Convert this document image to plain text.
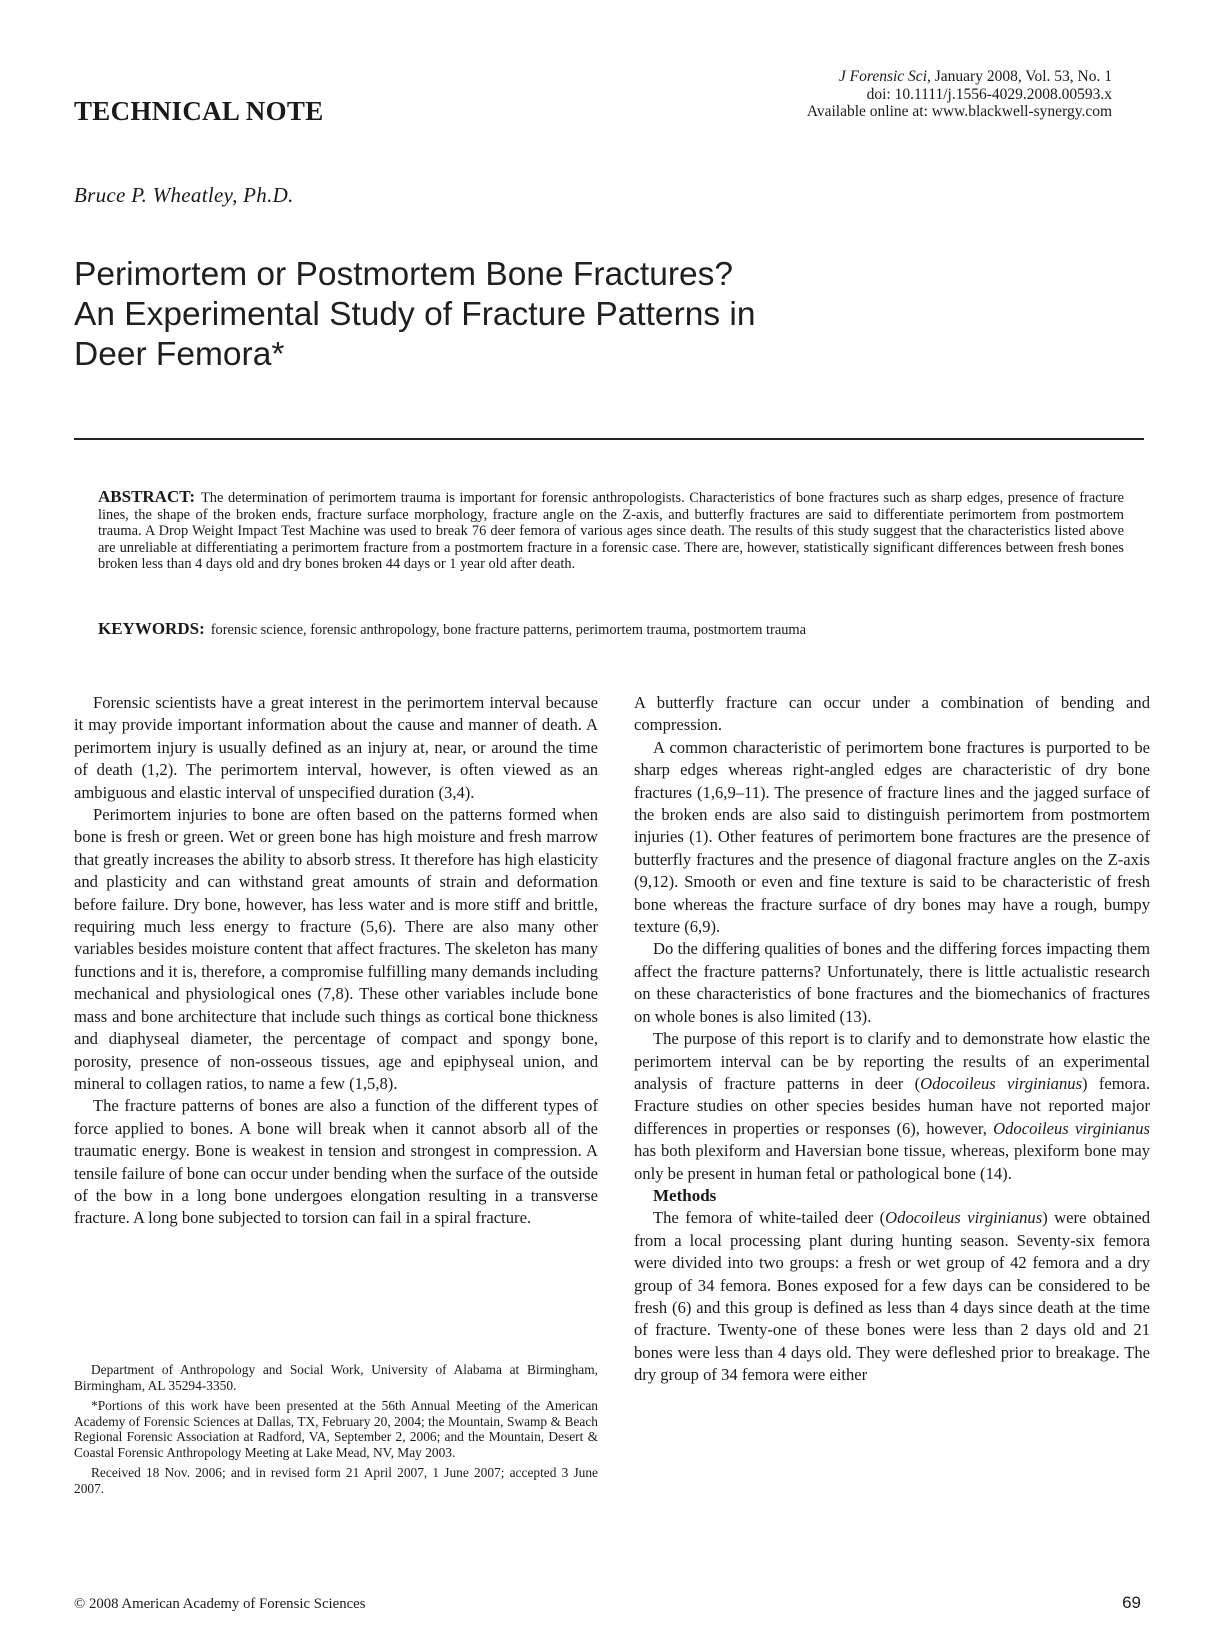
J Forensic Sci, January 2008, Vol. 53, No. 1
doi: 10.1111/j.1556-4029.2008.00593.x
Available online at: www.blackwell-synergy.com
TECHNICAL NOTE
Bruce P. Wheatley, Ph.D.
Perimortem or Postmortem Bone Fractures?
An Experimental Study of Fracture Patterns in
Deer Femora*
ABSTRACT: The determination of perimortem trauma is important for forensic anthropologists. Characteristics of bone fractures such as sharp edges, presence of fracture lines, the shape of the broken ends, fracture surface morphology, fracture angle on the Z-axis, and butterfly fractures are said to differentiate perimortem from postmortem trauma. A Drop Weight Impact Test Machine was used to break 76 deer femora of various ages since death. The results of this study suggest that the characteristics listed above are unreliable at differentiating a perimortem fracture from a postmortem fracture in a forensic case. There are, however, statistically significant differences between fresh bones broken less than 4 days old and dry bones broken 44 days or 1 year old after death.
KEYWORDS: forensic science, forensic anthropology, bone fracture patterns, perimortem trauma, postmortem trauma

Forensic scientists have a great interest in the perimortem interval because it may provide important information about the cause and manner of death. A perimortem injury is usually defined as an injury at, near, or around the time of death (1,2). The perimortem interval, however, is often viewed as an ambiguous and elastic interval of unspecified duration (3,4).

Perimortem injuries to bone are often based on the patterns formed when bone is fresh or green. Wet or green bone has high moisture and fresh marrow that greatly increases the ability to absorb stress. It therefore has high elasticity and plasticity and can withstand great amounts of strain and deformation before failure. Dry bone, however, has less water and is more stiff and brittle, requiring much less energy to fracture (5,6). There are also many other variables besides moisture content that affect fractures. The skeleton has many functions and it is, therefore, a compromise fulfilling many demands including mechanical and physiological ones (7,8). These other variables include bone mass and bone architecture that include such things as cortical bone thickness and diaphyseal diameter, the percentage of compact and spongy bone, porosity, presence of non-osseous tissues, age and epiphyseal union, and mineral to collagen ratios, to name a few (1,5,8).

The fracture patterns of bones are also a function of the different types of force applied to bones. A bone will break when it cannot absorb all of the traumatic energy. Bone is weakest in tension and strongest in compression. A tensile failure of bone can occur under bending when the surface of the outside of the bow in a long bone undergoes elongation resulting in a transverse fracture. A long bone subjected to torsion can fail in a spiral fracture.

Department of Anthropology and Social Work, University of Alabama at Birmingham, Birmingham, AL 35294-3350.

*Portions of this work have been presented at the 56th Annual Meeting of the American Academy of Forensic Sciences at Dallas, TX, February 20, 2004; the Mountain, Swamp & Beach Regional Forensic Association at Radford, VA, September 2, 2006; and the Mountain, Desert & Coastal Forensic Anthropology Meeting at Lake Mead, NV, May 2003.

Received 18 Nov. 2006; and in revised form 21 April 2007, 1 June 2007; accepted 3 June 2007.

A butterfly fracture can occur under a combination of bending and compression.

A common characteristic of perimortem bone fractures is purported to be sharp edges whereas right-angled edges are characteristic of dry bone fractures (1,6,9–11). The presence of fracture lines and the jagged surface of the broken ends are also said to distinguish perimortem from postmortem injuries (1). Other features of perimortem bone fractures are the presence of butterfly fractures and the presence of diagonal fracture angles on the Z-axis (9,12). Smooth or even and fine texture is said to be characteristic of fresh bone whereas the fracture surface of dry bones may have a rough, bumpy texture (6,9).

Do the differing qualities of bones and the differing forces impacting them affect the fracture patterns? Unfortunately, there is little actualistic research on these characteristics of bone fractures and the biomechanics of fractures on whole bones is also limited (13).

The purpose of this report is to clarify and to demonstrate how elastic the perimortem interval can be by reporting the results of an experimental analysis of fracture patterns in deer (Odocoileus virginianus) femora. Fracture studies on other species besides human have not reported major differences in properties or responses (6), however, Odocoileus virginianus has both plexiform and Haversian bone tissue, whereas, plexiform bone may only be present in human fetal or pathological bone (14).

Methods

The femora of white-tailed deer (Odocoileus virginianus) were obtained from a local processing plant during hunting season. Seventy-six femora were divided into two groups: a fresh or wet group of 42 femora and a dry group of 34 femora. Bones exposed for a few days can be considered to be fresh (6) and this group is defined as less than 4 days since death at the time of fracture. Twenty-one of these bones were less than 2 days old and 21 bones were less than 4 days old. They were defleshed prior to breakage. The dry group of 34 femora were either

© 2008 American Academy of Forensic Sciences	69
